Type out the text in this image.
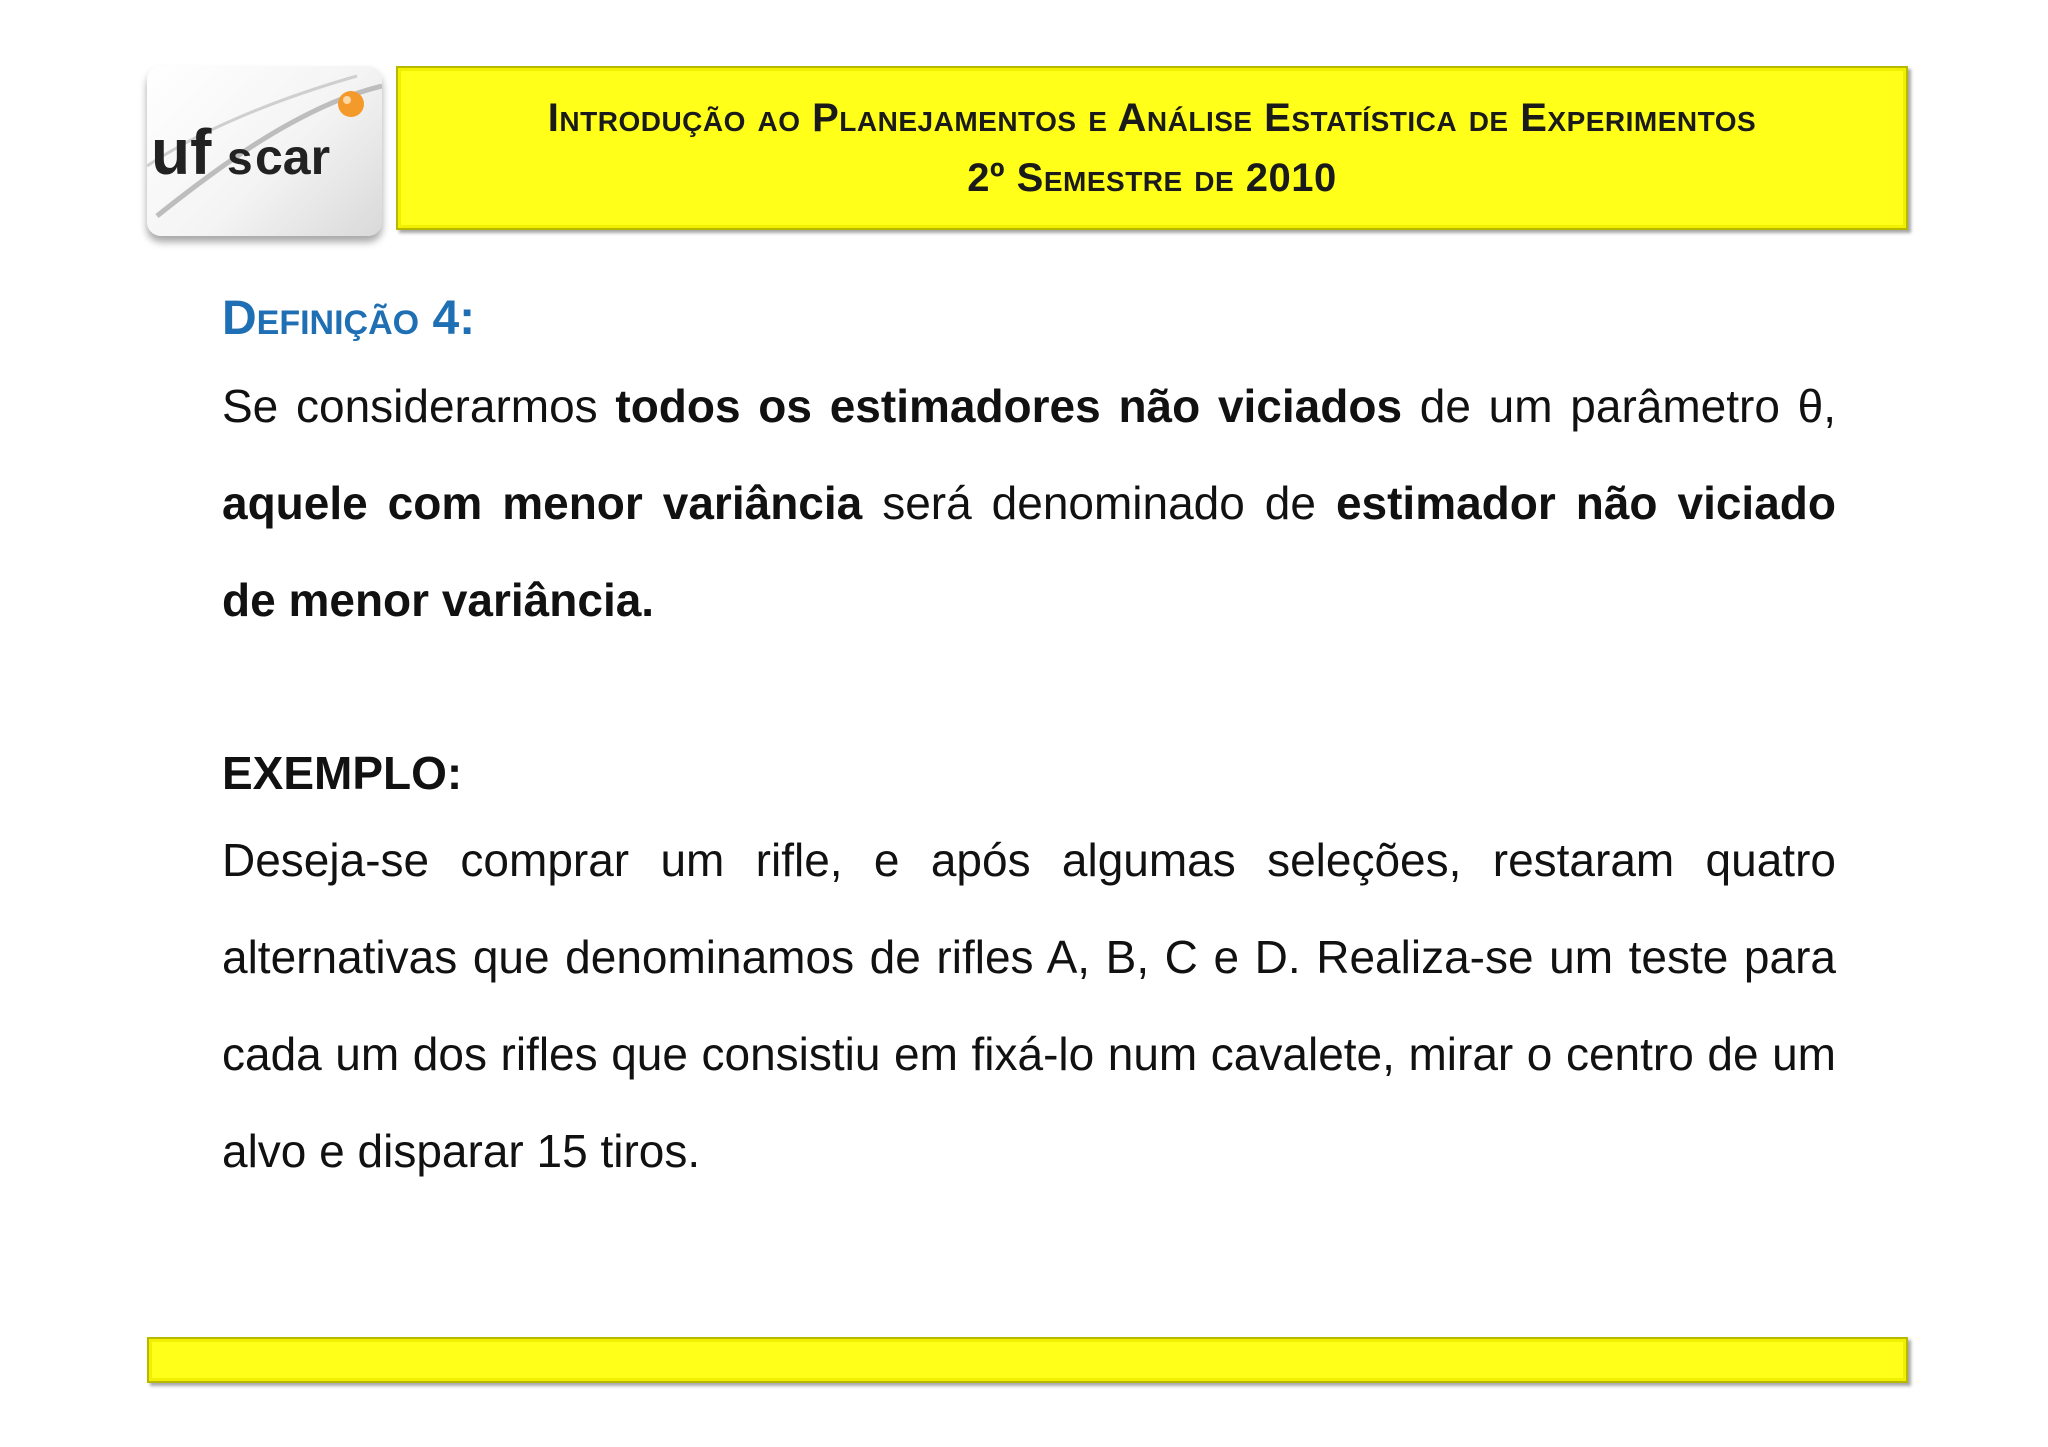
uf s car
Introdução ao Planejamentos e Análise Estatística de Experimentos
2º Semestre de 2010
Definição 4:

Se considerarmos todos os estimadores não viciados de um parâmetro θ, aquele com menor variância será denominado de estimador não viciado de menor variância.

EXEMPLO:

Deseja-se comprar um rifle, e após algumas seleções, restaram quatro alternativas que denominamos de rifles A, B, C e D. Realiza-se um teste para cada um dos rifles que consistiu em fixá-lo num cavalete, mirar o centro de um alvo e disparar 15 tiros.
